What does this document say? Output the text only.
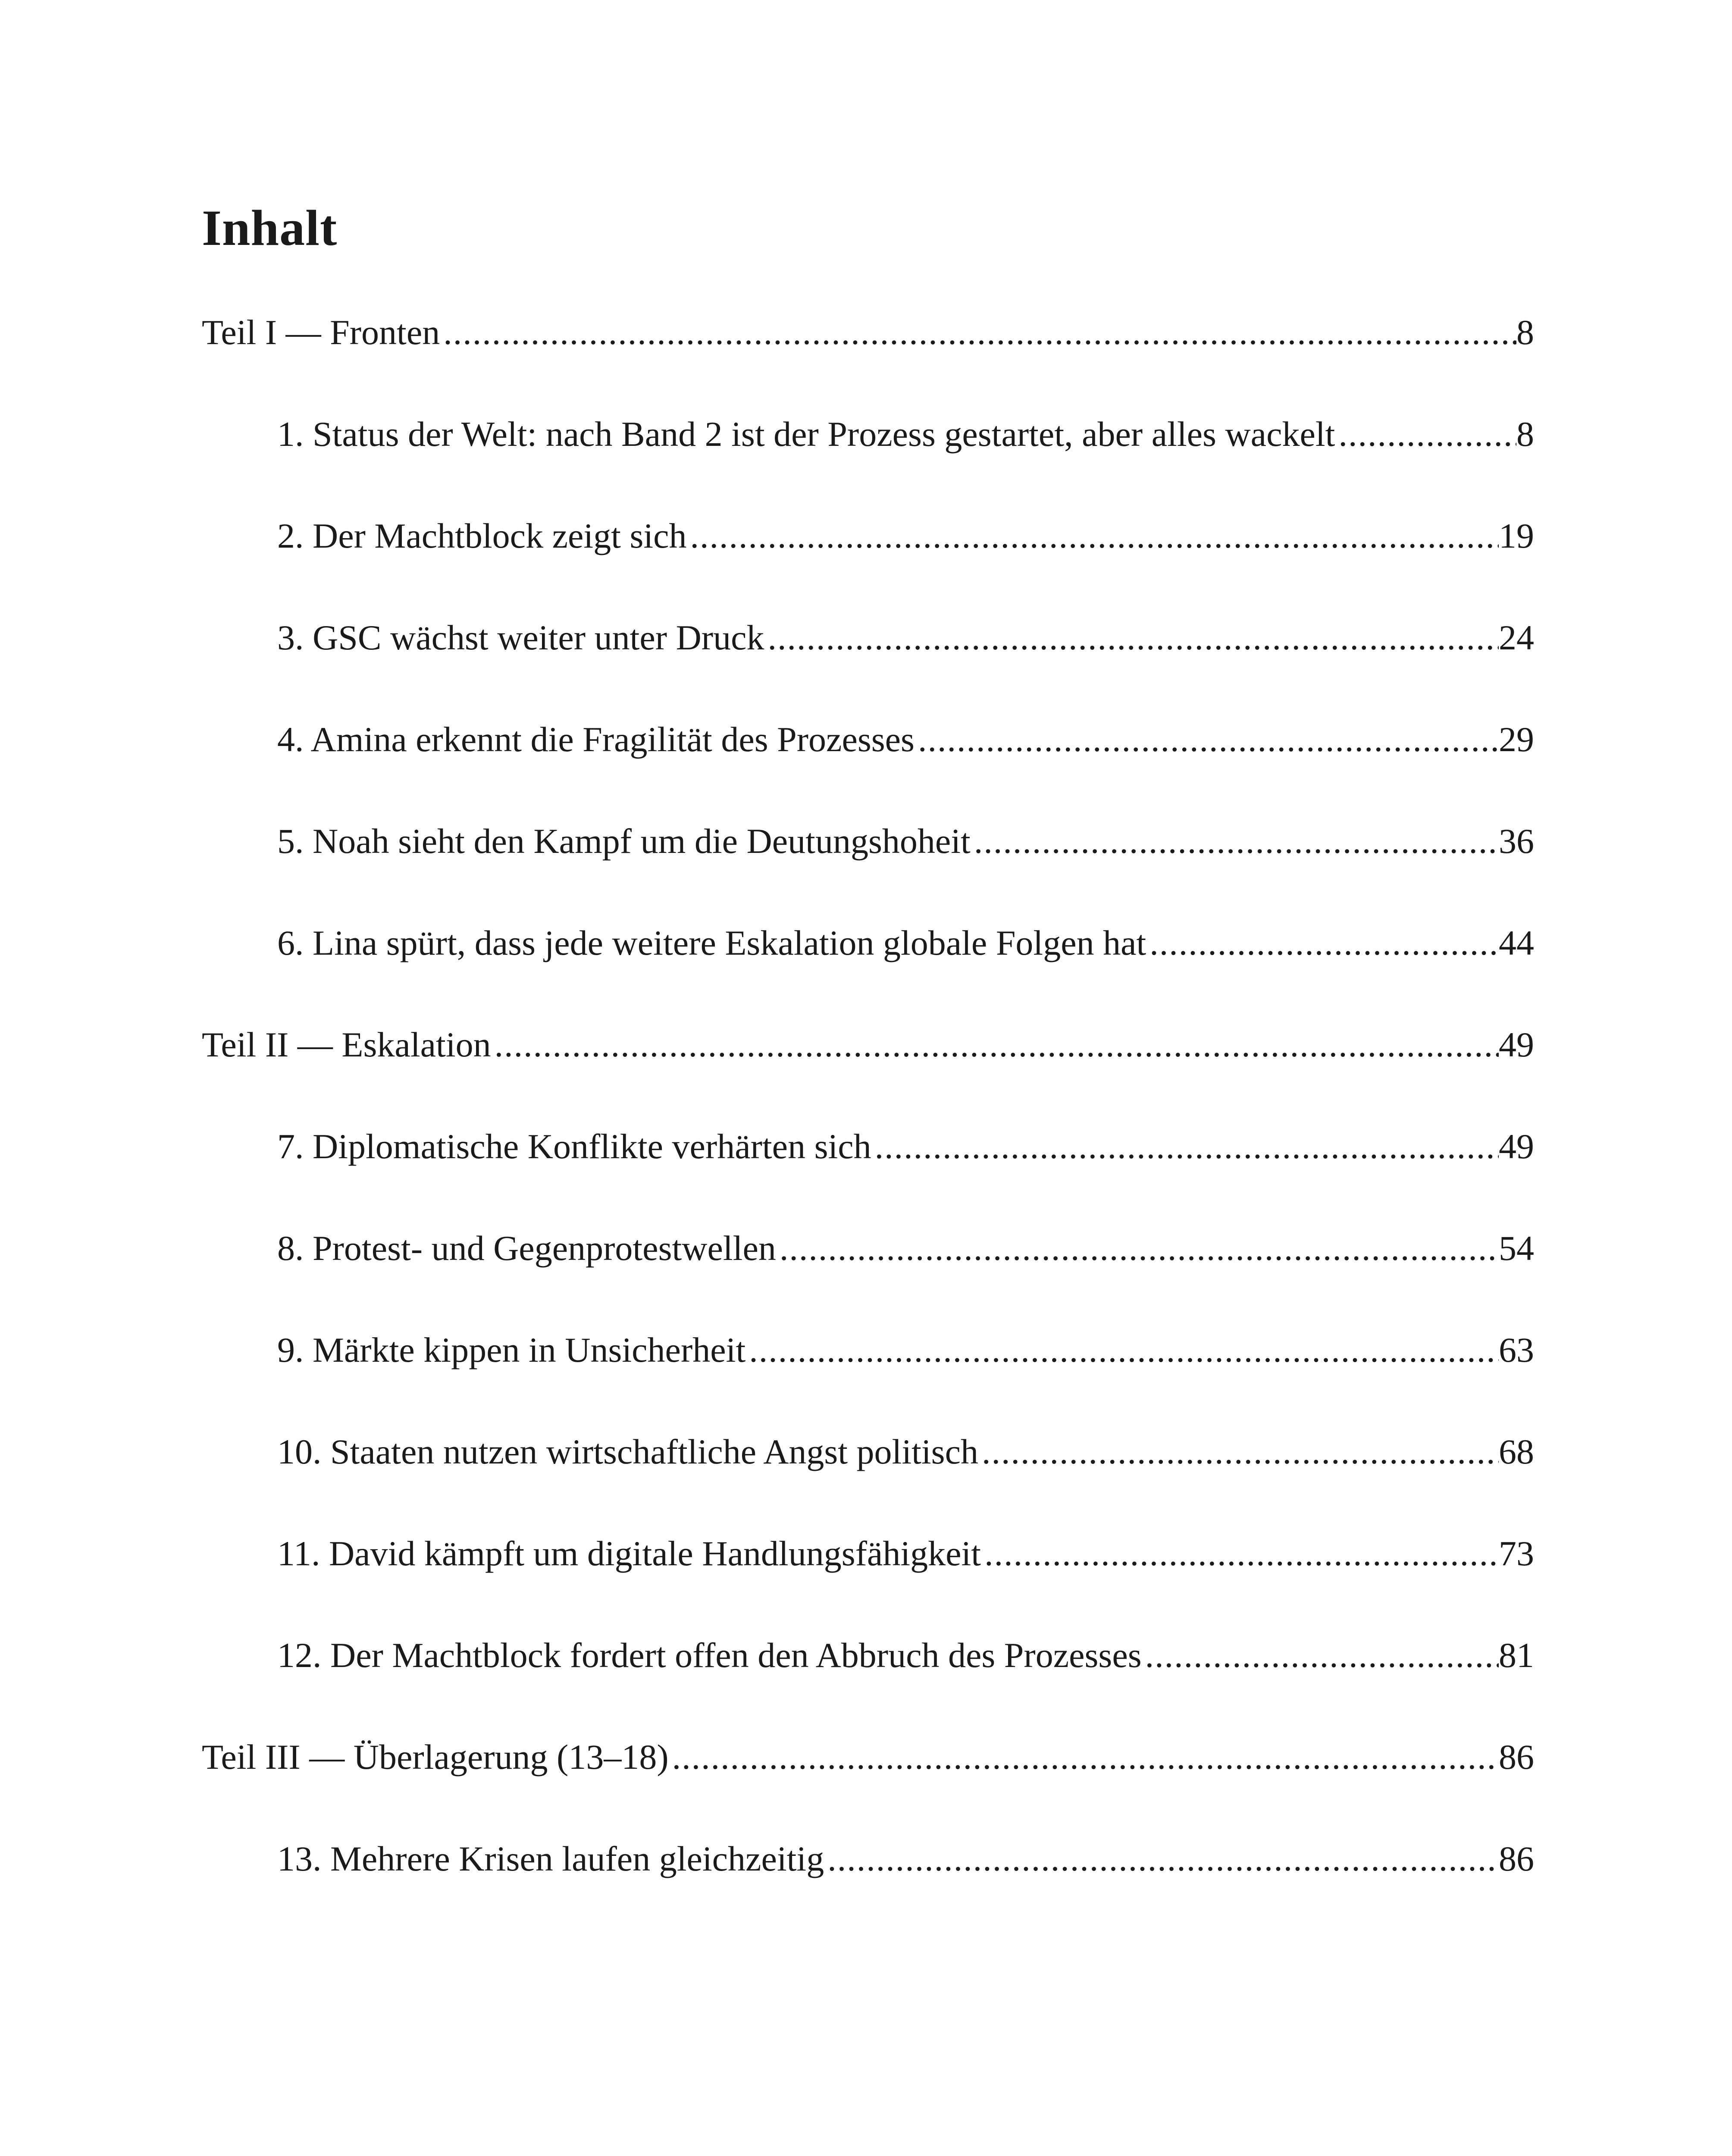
Inhalt
Teil I — Fronten .....	8
1. Status der Welt: nach Band 2 ist der Prozess gestartet, aber alles wackelt .....	8
2. Der Machtblock zeigt sich .....	19
3. GSC wächst weiter unter Druck .....	24
4. Amina erkennt die Fragilität des Prozesses .....	29
5. Noah sieht den Kampf um die Deutungshoheit .....	36
6. Lina spürt, dass jede weitere Eskalation globale Folgen hat .....	44
Teil II — Eskalation .....	49
7. Diplomatische Konflikte verhärten sich .....	49
8. Protest- und Gegenprotestwellen .....	54
9. Märkte kippen in Unsicherheit .....	63
10. Staaten nutzen wirtschaftliche Angst politisch .....	68
11. David kämpft um digitale Handlungsfähigkeit .....	73
12. Der Machtblock fordert offen den Abbruch des Prozesses .....	81
Teil III — Überlagerung (13–18) .....	86
13. Mehrere Krisen laufen gleichzeitig .....	86
